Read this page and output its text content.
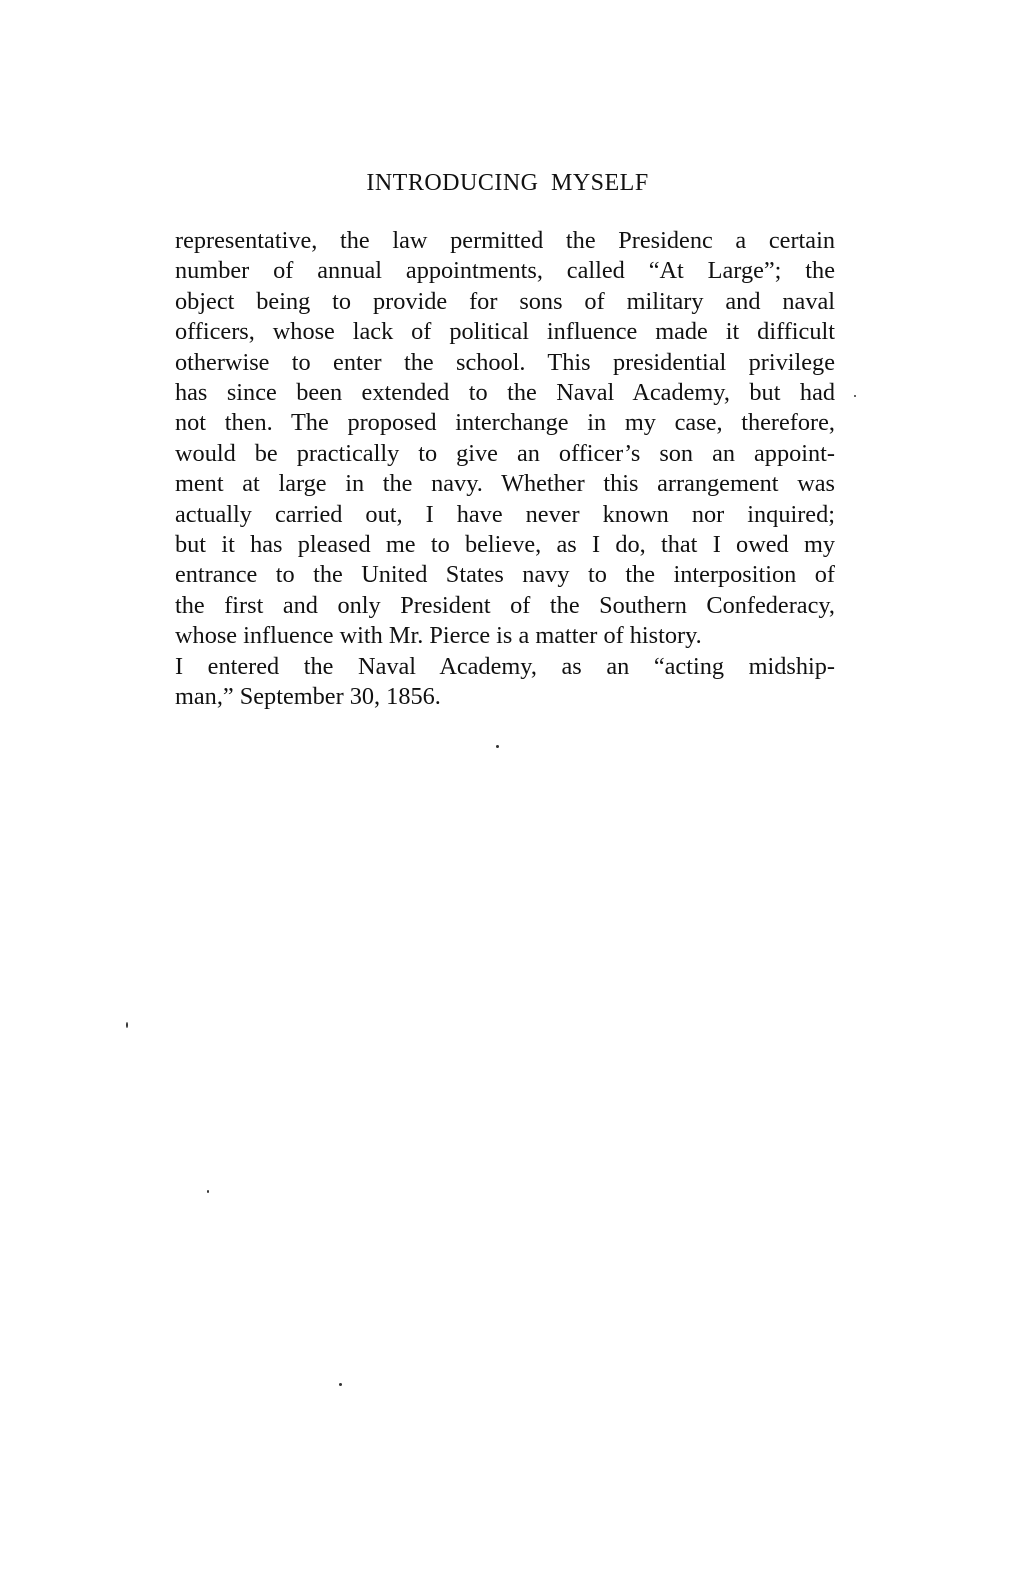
INTRODUCING MYSELF
representative, the law permitted the Presidenc a certain
number of annual appointments, called “At Large”; the
object being to provide for sons of military and naval
officers, whose lack of political influence made it difficult
otherwise to enter the school. This presidential privilege
has since been extended to the Naval Academy, but had
not then. The proposed interchange in my case, therefore,
would be practically to give an officer’s son an appoint-
ment at large in the navy. Whether this arrangement was
actually carried out, I have never known nor inquired;
but it has pleased me to believe, as I do, that I owed my
entrance to the United States navy to the interposition of
the first and only President of the Southern Confederacy,
whose influence with Mr. Pierce is a matter of history.
I entered the Naval Academy, as an “acting midship-
man,” September 30, 1856.
